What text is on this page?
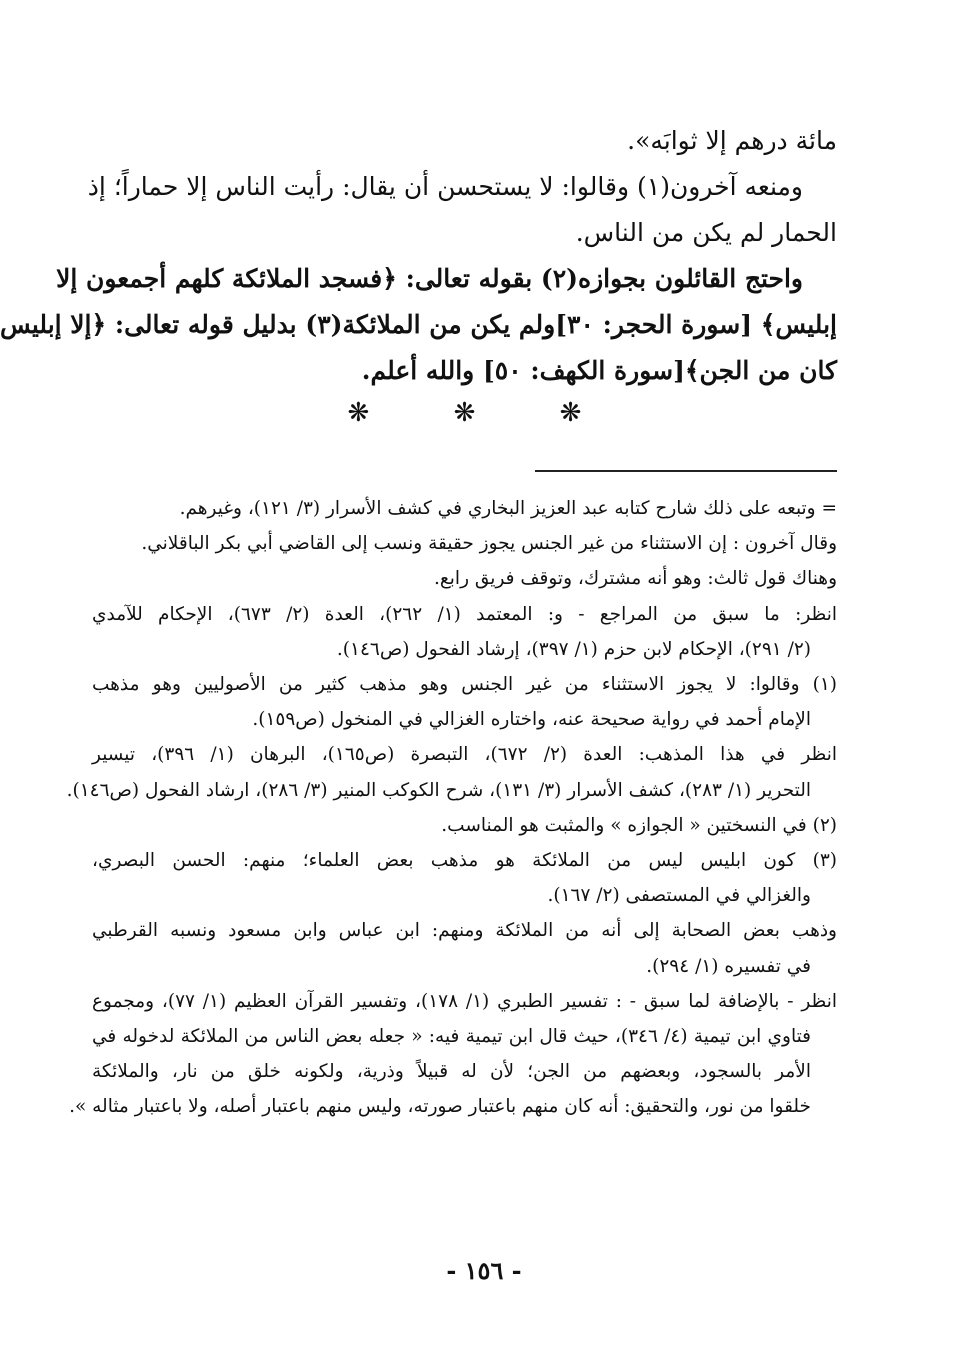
مائة درهم إلا ثوابَه».
ومنعه آخرون(١) وقالوا: لا يستحسن أن يقال: رأيت الناس إلا حماراً؛ إذ
الحمار لم يكن من الناس.
واحتج القائلون بجوازه(٢) بقوله تعالى: ﴿فسجد الملائكة كلهم أجمعون إلا
إبليس﴾ [سورة الحجر: ٣٠]ولم يكن من الملائكة(٣) بدليل قوله تعالى: ﴿إلا إبليس
كان من الجن﴾[سورة الكهف: ٥٠] والله أعلم.
❋ ❋ ❋
= وتبعه على ذلك شارح كتابه عبد العزيز البخاري في كشف الأسرار (٣/ ١٢١)، وغيرهم.
وقال آخرون : إن الاستثناء من غير الجنس يجوز حقيقة ونسب إلى القاضي أبي بكر الباقلاني.
وهناك قول ثالث: وهو أنه مشترك، وتوقف فريق رابع.
انظر: ما سبق من المراجع - و: المعتمد (١/ ٢٦٢)، العدة (٢/ ٦٧٣)، الإحكام للآمدي
(٢/ ٢٩١)، الإحكام لابن حزم (١/ ٣٩٧)، إرشاد الفحول (ص١٤٦).
(١) وقالوا: لا يجوز الاستثناء من غير الجنس وهو مذهب كثير من الأصوليين وهو مذهب
الإمام أحمد في رواية صحيحة عنه، واختاره الغزالي في المنخول (ص١٥٩).
انظر في هذا المذهب: العدة (٢/ ٦٧٢)، التبصرة (ص١٦٥)، البرهان (١/ ٣٩٦)، تيسير
التحرير (١/ ٢٨٣)، كشف الأسرار (٣/ ١٣١)، شرح الكوكب المنير (٣/ ٢٨٦)، ارشاد الفحول (ص١٤٦).
(٢) في النسختين « الجوازه » والمثبت هو المناسب.
(٣) كون ابليس ليس من الملائكة هو مذهب بعض العلماء؛ منهم: الحسن البصري،
والغزالي في المستصفى (٢/ ١٦٧).
وذهب بعض الصحابة إلى أنه من الملائكة ومنهم: ابن عباس وابن مسعود ونسبه القرطبي
في تفسيره (١/ ٢٩٤).
انظر - بالإضافة لما سبق - : تفسير الطبري (١/ ١٧٨)، وتفسير القرآن العظيم (١/ ٧٧)، ومجموع
فتاوي ابن تيمية (٤/ ٣٤٦)، حيث قال ابن تيمية فيه: « جعله بعض الناس من الملائكة لدخوله في
الأمر بالسجود، وبعضهم من الجن؛ لأن له قبيلاً وذرية، ولكونه خلق من نار، والملائكة
خلقوا من نور، والتحقيق: أنه كان منهم باعتبار صورته، وليس منهم باعتبار أصله، ولا باعتبار مثاله ».
- ١٥٦ -
